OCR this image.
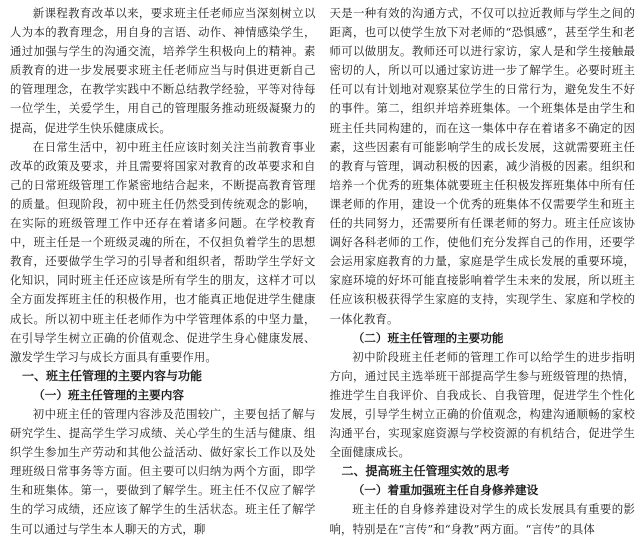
新课程教育改革以来，要求班主任老师应当深刻树立以人为本的教育理念，用自身的言语、动作、神情感染学生，通过加强与学生的沟通交流，培养学生积极向上的精神。素质教育的进一步发展要求班主任老师应当与时俱进更新自己的管理理念，在教学实践中不断总结教学经验，平等对待每一位学生，关爱学生，用自己的管理服务推动班级凝聚力的提高，促进学生快乐健康成长。

在日常生活中，初中班主任应该时刻关注当前教育事业改革的政策及要求，并且需要将国家对教育的改革要求和自己的日常班级管理工作紧密地结合起来，不断提高教育管理的质量。但现阶段，初中班主任仍然受到传统观念的影响，在实际的班级管理工作中还存在着诸多问题。在学校教育中，班主任是一个班级灵魂的所在，不仅担负着学生的思想教育，还要做学生学习的引导者和组织者，帮助学生学好文化知识，同时班主任还应该是所有学生的朋友，这样才可以全方面发挥班主任的积极作用，也才能真正地促进学生健康成长。所以初中班主任老师作为中学管理体系的中坚力量，在引导学生树立正确的价值观念、促进学生身心健康发展、激发学生学习与成长方面具有重要作用。

一、班主任管理的主要内容与功能

（一）班主任管理的主要内容

初中班主任的管理内容涉及范围较广，主要包括了解与研究学生、提高学生学习成绩、关心学生的生活与健康、组织学生参加生产劳动和其他公益活动、做好家长工作以及处理班级日常事务等方面。但主要可以归纳为两个方面，即学生和班集体。第一，要做到了解学生。班主任不仅应了解学生的学习成绩，还应该了解学生的生活状态。班主任了解学生可以通过与学生本人聊天的方式，聊

天是一种有效的沟通方式，不仅可以拉近教师与学生之间的距离，也可以使学生放下对老师的“恐惧感”，甚至学生和老师可以做朋友。教师还可以进行家访，家人是和学生接触最密切的人，所以可以通过家访进一步了解学生。必要时班主任可以有计划地对观察某位学生的日常行为，避免发生不好的事件。第二，组织并培养班集体。一个班集体是由学生和班主任共同构建的，而在这一集体中存在着诸多不确定的因素，这些因素有可能影响学生的成长发展，这就需要班主任的教育与管理，调动积极的因素，减少消极的因素。组织和培养一个优秀的班集体就要班主任积极发挥班集体中所有任课老师的作用，建设一个优秀的班集体不仅需要学生和班主任的共同努力，还需要所有任课老师的努力。班主任应该协调好各科老师的工作，使他们充分发挥自己的作用，还要学会运用家庭教育的力量，家庭是学生成长发展的重要环境，家庭环境的好坏可能直接影响着学生未来的发展，所以班主任应该积极获得学生家庭的支持，实现学生、家庭和学校的一体化教育。

（二）班主任管理的主要功能

初中阶段班主任老师的管理工作可以给学生的进步指明方向，通过民主选举班干部提高学生参与班级管理的热情，推进学生自我评价、自我成长、自我管理，促进学生个性化发展，引导学生树立正确的价值观念，构建沟通顺畅的家校沟通平台，实现家庭资源与学校资源的有机结合，促进学生全面健康成长。

二、提高班主任管理实效的思考

（一）着重加强班主任自身修养建设

班主任的自身修养建设对学生的成长发展具有重要的影响，特别是在“言传”和“身教”两方面。“言传”的具体
